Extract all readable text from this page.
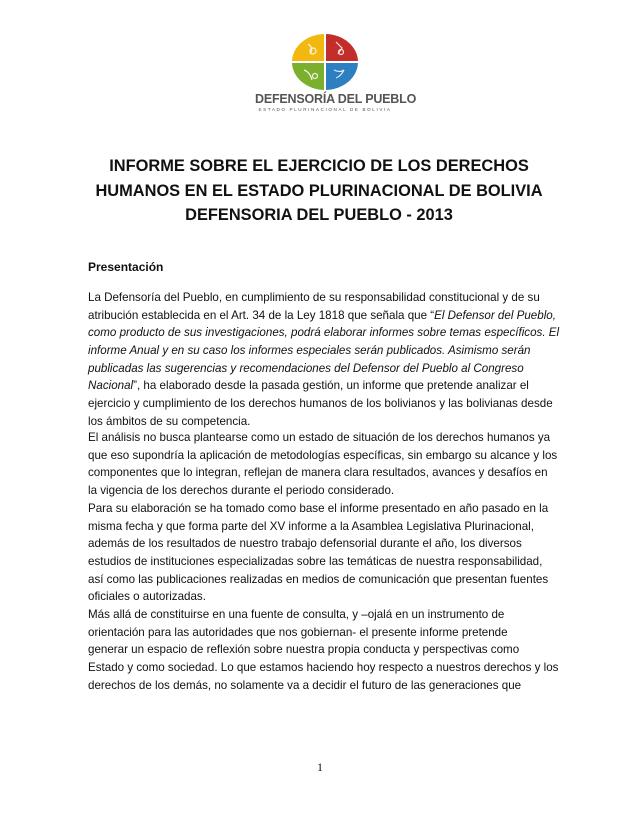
DEFENSORÍA DEL PUEBLO
ESTADO PLURINACIONAL DE BOLIVIA
INFORME SOBRE EL EJERCICIO DE LOS DERECHOS
HUMANOS EN EL ESTADO PLURINACIONAL DE BOLIVIA
DEFENSORIA DEL PUEBLO - 2013
Presentación
La Defensoría del Pueblo, en cumplimiento de su responsabilidad constitucional y de su
atribución establecida en el Art. 34 de la Ley 1818 que señala que “El Defensor del Pueblo,
como producto de sus investigaciones, podrá elaborar informes sobre temas específicos. El
informe Anual y en su caso los informes especiales serán publicados. Asimismo serán
publicadas las sugerencias y recomendaciones del Defensor del Pueblo al Congreso
Nacional”, ha elaborado desde la pasada gestión, un informe que pretende analizar el
ejercicio y cumplimiento de los derechos humanos de los bolivianos y las bolivianas desde
los ámbitos de su competencia.
El análisis no busca plantearse como un estado de situación de los derechos humanos ya
que eso supondría la aplicación de metodologías específicas, sin embargo su alcance y los
componentes que lo integran, reflejan de manera clara resultados, avances y desafíos en
la vigencia de los derechos durante el periodo considerado.
Para su elaboración se ha tomado como base el informe presentado en año pasado en la
misma fecha y que forma parte del XV informe a la Asamblea Legislativa Plurinacional,
además de los resultados de nuestro trabajo defensorial durante el año, los diversos
estudios de instituciones especializadas sobre las temáticas de nuestra responsabilidad,
así como las publicaciones realizadas en medios de comunicación que presentan fuentes
oficiales o autorizadas.
Más allá de constituirse en una fuente de consulta, y –ojalá en un instrumento de
orientación para las autoridades que nos gobiernan- el presente informe pretende
generar un espacio de reflexión sobre nuestra propia conducta y perspectivas como
Estado y como sociedad. Lo que estamos haciendo hoy respecto a nuestros derechos y los
derechos de los demás, no solamente va a decidir el futuro de las generaciones que
1
